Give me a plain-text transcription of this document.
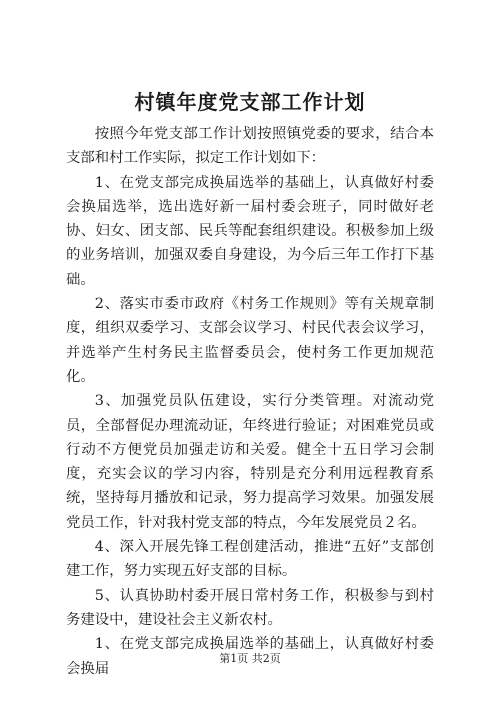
村镇年度党支部工作计划

按照今年党支部工作计划按照镇党委的要求，结合本支部和村工作实际，拟定工作计划如下：

1、在党支部完成换届选举的基础上，认真做好村委会换届选举，选出选好新一届村委会班子，同时做好老协、妇女、团支部、民兵等配套组织建设。积极参加上级的业务培训，加强双委自身建设，为今后三年工作打下基础。

2、落实市委市政府《村务工作规则》等有关规章制度，组织双委学习、支部会议学习、村民代表会议学习，并选举产生村务民主监督委员会，使村务工作更加规范化。

3、加强党员队伍建设，实行分类管理。对流动党员，全部督促办理流动证，年终进行验证；对困难党员或行动不方便党员加强走访和关爱。健全十五日学习会制度，充实会议的学习内容，特别是充分利用远程教育系统，坚持每月播放和记录，努力提高学习效果。加强发展党员工作，针对我村党支部的特点，今年发展党员２名。

4、深入开展先锋工程创建活动，推进“五好”支部创建工作，努力实现五好支部的目标。

5、认真协助村委开展日常村务工作，积极参与到村务建设中，建设社会主义新农村。

1、在党支部完成换届选举的基础上，认真做好村委会换届

第1页 共2页
